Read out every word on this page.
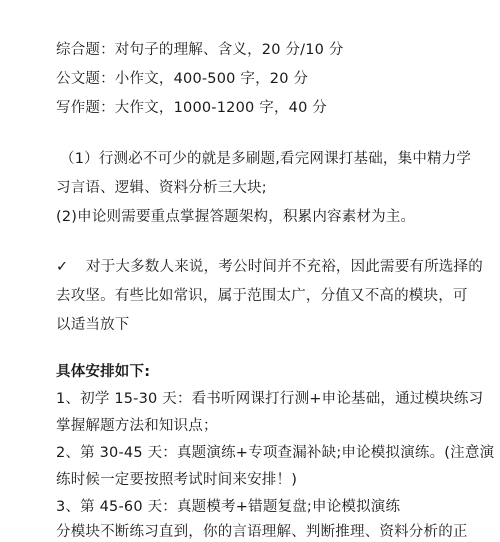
综合题：对句子的理解、含义，20 分/10 分
公文题：小作文，400-500 字，20 分
写作题：大作文，1000-1200 字，40 分
（1）行测必不可少的就是多刷题,看完网课打基础，集中精力学
习言语、逻辑、资料分析三大块;
(2)申论则需要重点掌握答题架构，积累内容素材为主。
✓ 对于大多数人来说，考公时间并不充裕，因此需要有所选择的
去攻坚。有些比如常识，属于范围太广，分值又不高的模块，可
以适当放下
具体安排如下:
1、初学 15-30 天：看书听网课打行测+申论基础，通过模块练习
掌握解题方法和知识点；
2、第 30-45 天：真题演练+专项查漏补缺;申论模拟演练。(注意演
练时候一定要按照考试时间来安排！)
3、第 45-60 天：真题模考+错题复盘;申论模拟演练
分模块不断练习直到，你的言语理解、判断推理、资料分析的正
